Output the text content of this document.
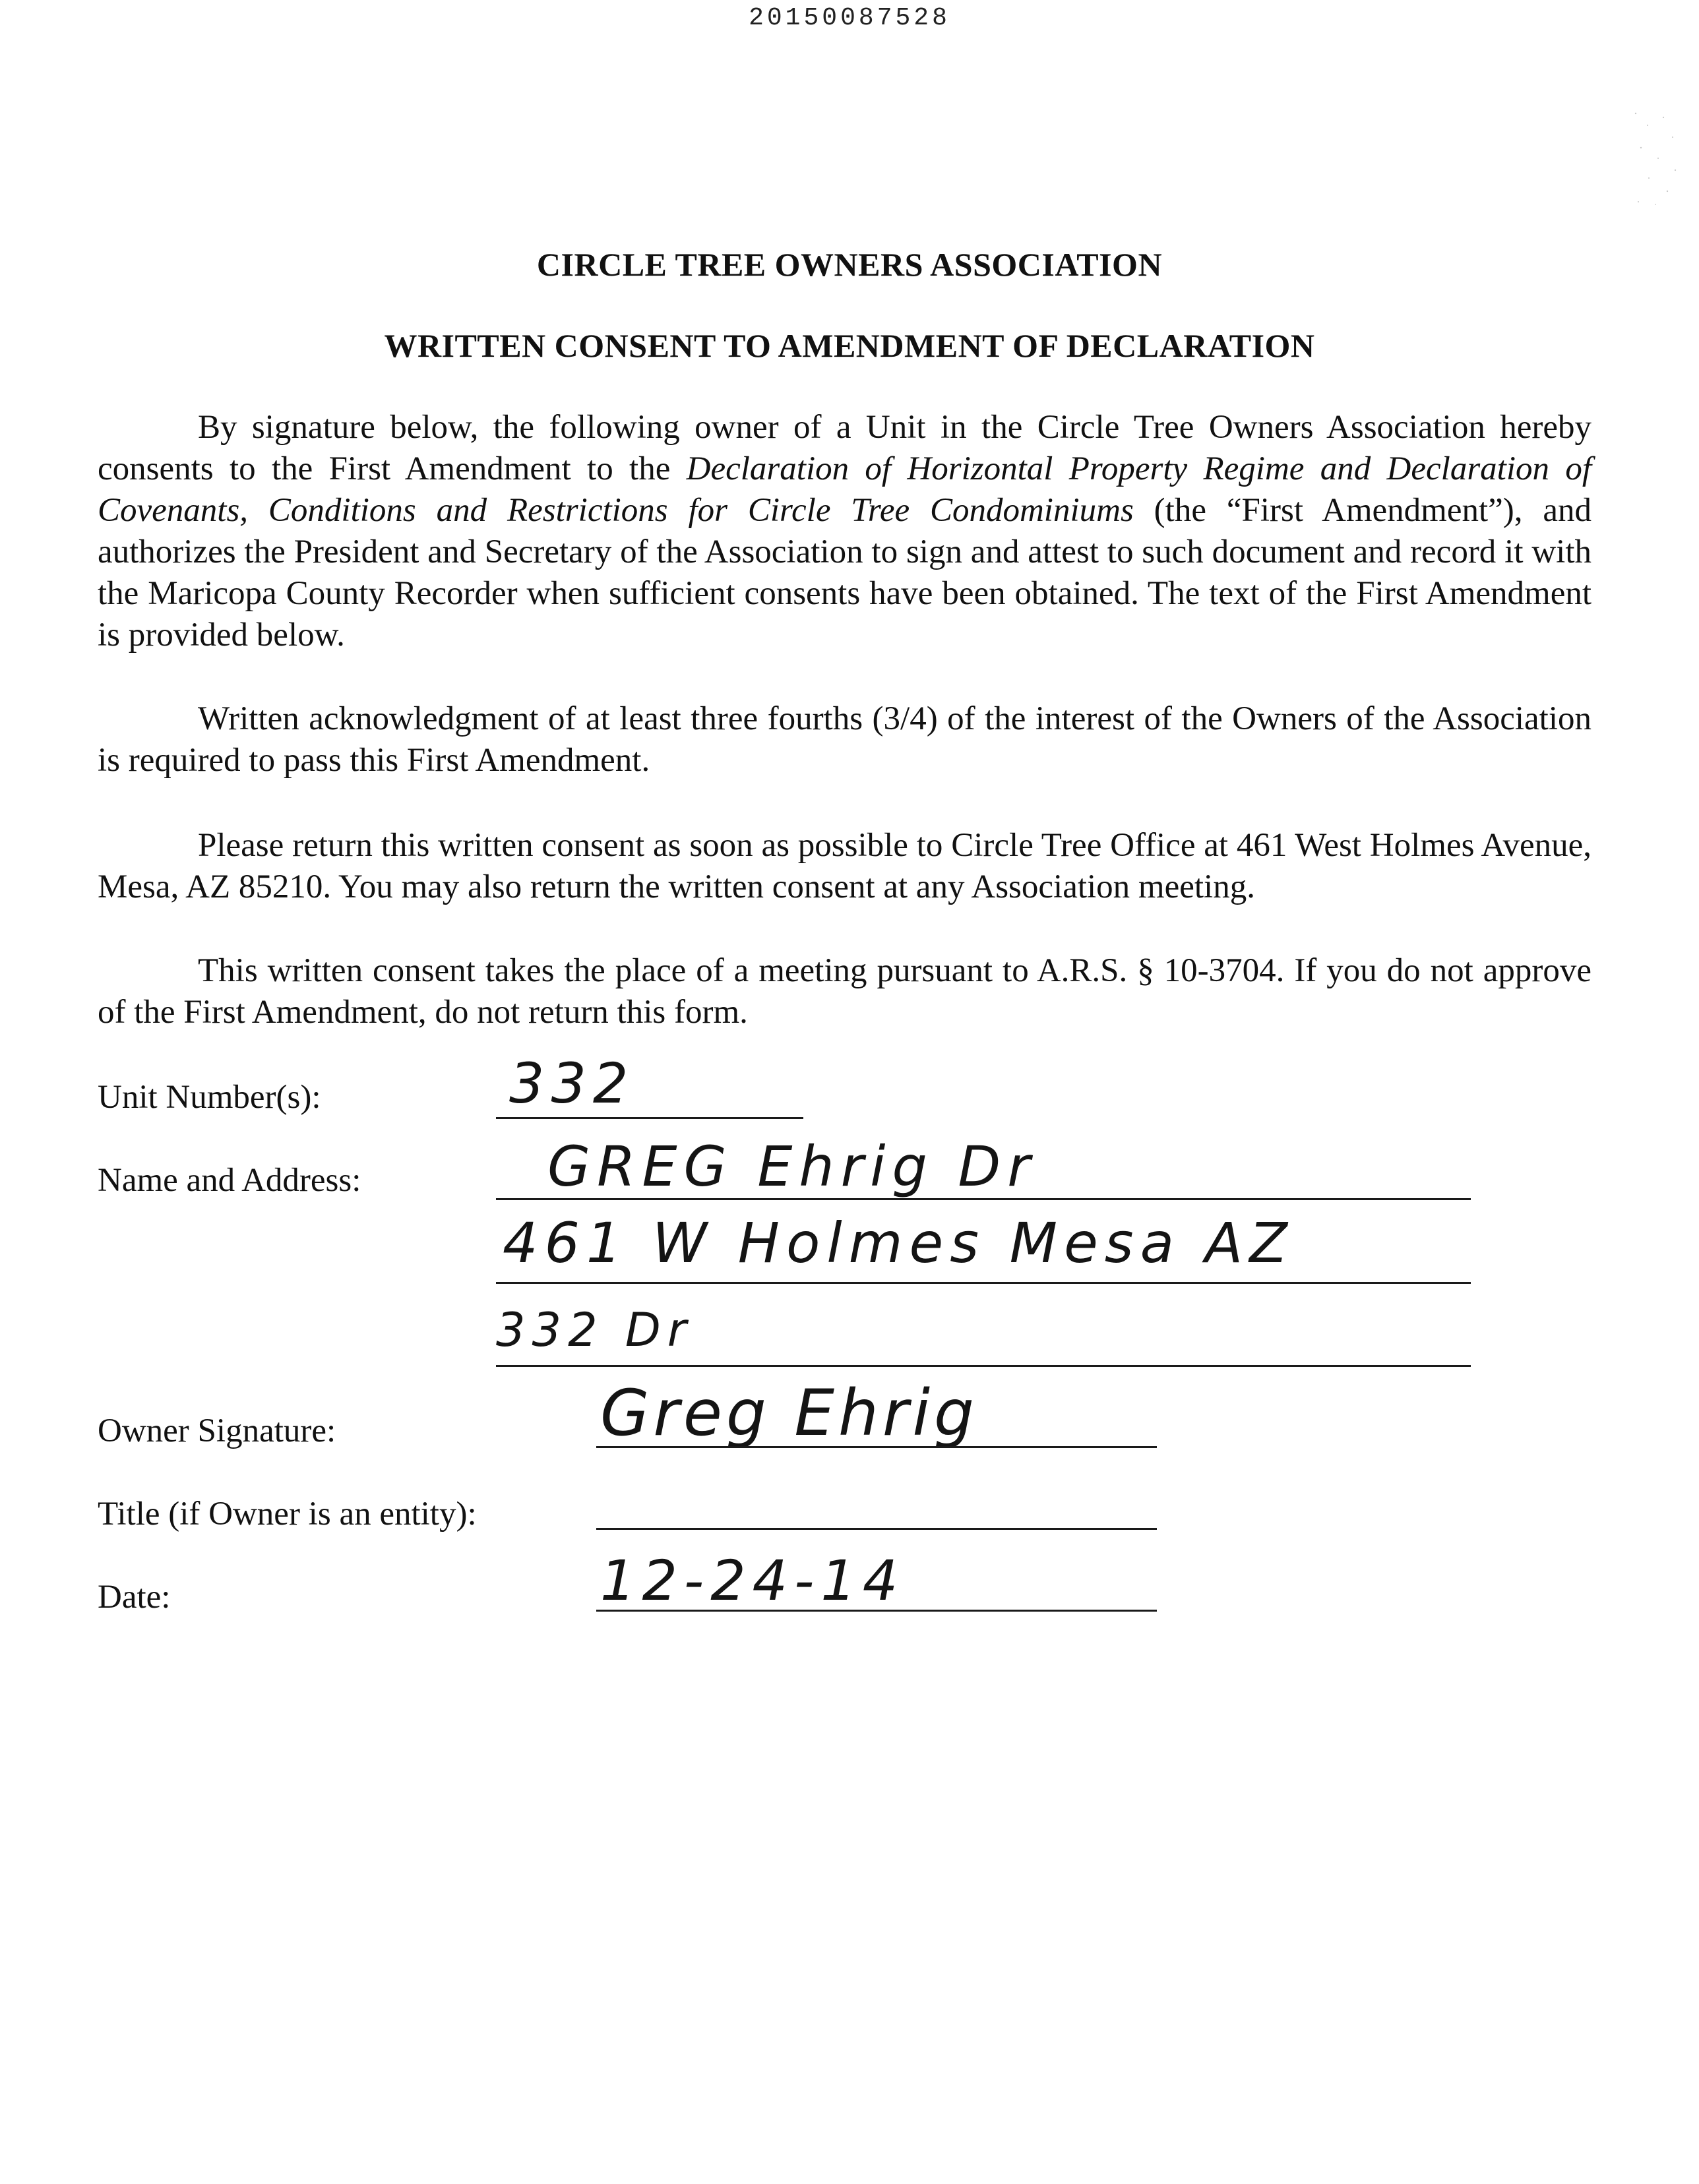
20150087528
CIRCLE TREE OWNERS ASSOCIATION
WRITTEN CONSENT TO AMENDMENT OF DECLARATION

By signature below, the following owner of a Unit in the Circle Tree Owners Association hereby consents to the First Amendment to the Declaration of Horizontal Property Regime and Declaration of Covenants, Conditions and Restrictions for Circle Tree Condominiums (the “First Amendment”), and authorizes the President and Secretary of the Association to sign and attest to such document and record it with the Maricopa County Recorder when sufficient consents have been obtained. The text of the First Amendment is provided below.

Written acknowledgment of at least three fourths (3/4) of the interest of the Owners of the Association is required to pass this First Amendment.

Please return this written consent as soon as possible to Circle Tree Office at 461 West Holmes Avenue, Mesa, AZ 85210. You may also return the written consent at any Association meeting.

This written consent takes the place of a meeting pursuant to A.R.S. § 10-3704. If you do not approve of the First Amendment, do not return this form.

Unit Number(s):	332
Name and Address:	GREG Ehrig Dr
461 W Holmes Mesa AZ
332 Dr
Owner Signature:	Greg Ehrig
Title (if Owner is an entity):
Date:	12-24-14
